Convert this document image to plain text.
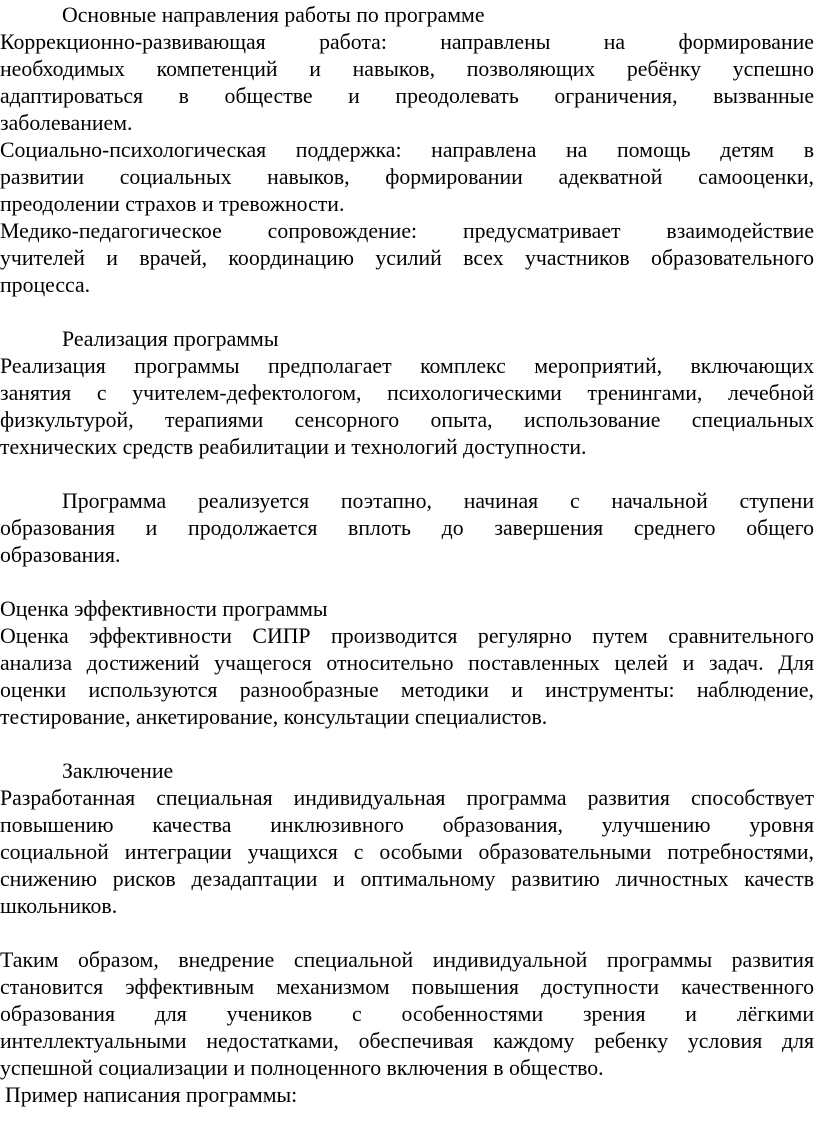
Основные направления работы по программе
Коррекционно-развивающая работа: направлены на формирование
необходимых компетенций и навыков, позволяющих ребёнку успешно
адаптироваться в обществе и преодолевать ограничения, вызванные
заболеванием.
Социально-психологическая поддержка: направлена на помощь детям в
развитии социальных навыков, формировании адекватной самооценки,
преодолении страхов и тревожности.
Медико-педагогическое сопровождение: предусматривает взаимодействие
учителей и врачей, координацию усилий всех участников образовательного
процесса.
Реализация программы
Реализация программы предполагает комплекс мероприятий, включающих
занятия с учителем-дефектологом, психологическими тренингами, лечебной
физкультурой, терапиями сенсорного опыта, использование специальных
технических средств реабилитации и технологий доступности.
Программа реализуется поэтапно, начиная с начальной ступени
образования и продолжается вплоть до завершения среднего общего
образования.
Оценка эффективности программы
Оценка эффективности СИПР производится регулярно путем сравнительного
анализа достижений учащегося относительно поставленных целей и задач. Для
оценки используются разнообразные методики и инструменты: наблюдение,
тестирование, анкетирование, консультации специалистов.
Заключение
Разработанная специальная индивидуальная программа развития способствует
повышению качества инклюзивного образования, улучшению уровня
социальной интеграции учащихся с особыми образовательными потребностями,
снижению рисков дезадаптации и оптимальному развитию личностных качеств
школьников.
Таким образом, внедрение специальной индивидуальной программы развития
становится эффективным механизмом повышения доступности качественного
образования для учеников с особенностями зрения и лёгкими
интеллектуальными недостатками, обеспечивая каждому ребенку условия для
успешной социализации и полноценного включения в общество.
Пример написания программы:
